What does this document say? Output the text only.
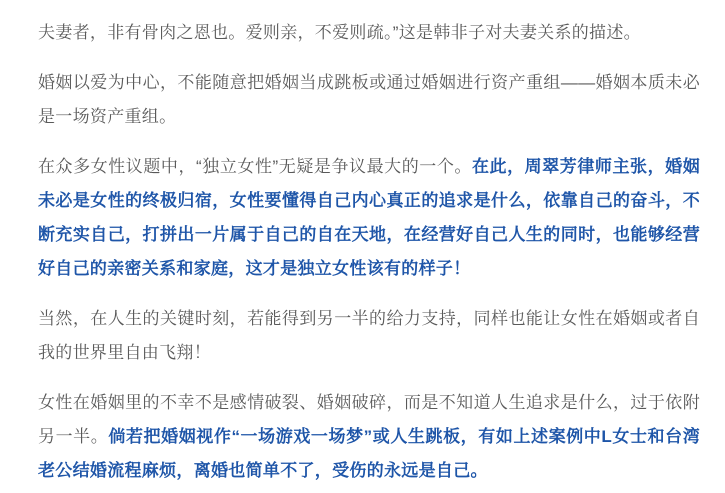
夫妻者，非有骨肉之恩也。爱则亲，不爱则疏。”这是韩非子对夫妻关系的描述。

婚姻以爱为中心，不能随意把婚姻当成跳板或通过婚姻进行资产重组——婚姻本质未必是一场资产重组。

在众多女性议题中，“独立女性”无疑是争议最大的一个。在此，周翠芳律师主张，婚姻未必是女性的终极归宿，女性要懂得自己内心真正的追求是什么，依靠自己的奋斗，不断充实自己，打拼出一片属于自己的自在天地，在经营好自己人生的同时，也能够经营好自己的亲密关系和家庭，这才是独立女性该有的样子！

当然，在人生的关键时刻，若能得到另一半的给力支持，同样也能让女性在婚姻或者自我的世界里自由飞翔！

女性在婚姻里的不幸不是感情破裂、婚姻破碎，而是不知道人生追求是什么，过于依附另一半。倘若把婚姻视作“一场游戏一场梦”或人生跳板，有如上述案例中L女士和台湾老公结婚流程麻烦，离婚也简单不了，受伤的永远是自己。
